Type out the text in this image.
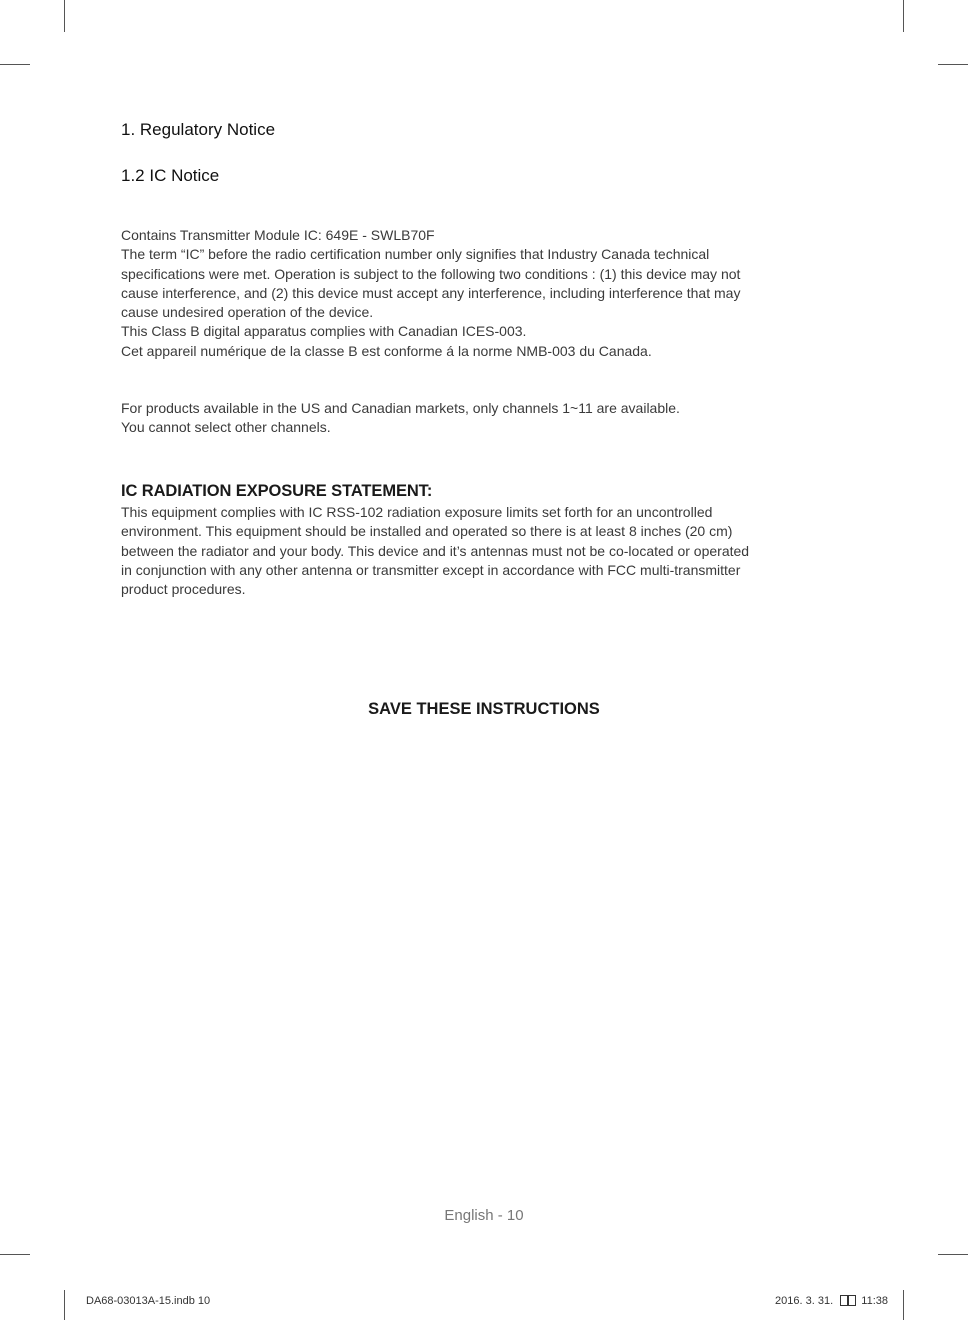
1. Regulatory Notice
1.2 IC Notice
Contains Transmitter Module IC: 649E - SWLB70F
The term “IC” before the radio certification number only signifies that Industry Canada technical
specifications were met. Operation is subject to the following two conditions : (1) this device may not
cause interference, and (2) this device must accept any interference, including interference that may
cause undesired operation of the device.
This Class B digital apparatus complies with Canadian ICES-003.
Cet appareil numérique de la classe B est conforme á la norme NMB-003 du Canada.
For products available in the US and Canadian markets, only channels 1~11 are available.
You cannot select other channels.
IC RADIATION EXPOSURE STATEMENT:
This equipment complies with IC RSS-102 radiation exposure limits set forth for an uncontrolled
environment. This equipment should be installed and operated so there is at least 8 inches (20 cm)
between the radiator and your body. This device and it’s antennas must not be co-located or operated
in conjunction with any other antenna or transmitter except in accordance with FCC multi-transmitter
product procedures.

SAVE THESE INSTRUCTIONS

English - 10

DA68-03013A-15.indb 10	2016. 3. 31.	11:38
